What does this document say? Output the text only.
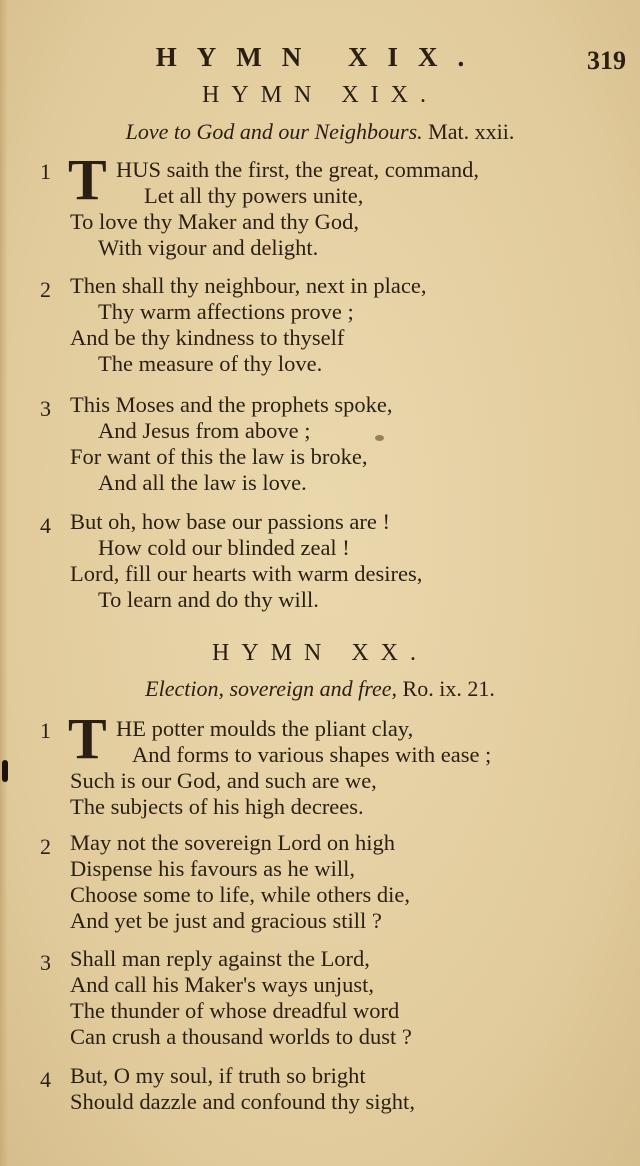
HYMN XIX.	319
HYMN XIX.
Love to God and our Neighbours. Mat. xxii.
1 T HUS saith the first, the great, command,
Let all thy powers unite,
To love thy Maker and thy God,
With vigour and delight.
2 Then shall thy neighbour, next in place,
Thy warm affections prove ;
And be thy kindness to thyself
The measure of thy love.
3 This Moses and the prophets spoke,
And Jesus from above ;
For want of this the law is broke,
And all the law is love.
4 But oh, how base our passions are !
How cold our blinded zeal !
Lord, fill our hearts with warm desires,
To learn and do thy will.
HYMN XX.
Election, sovereign and free, Ro. ix. 21.
1 T HE potter moulds the pliant clay,
And forms to various shapes with ease ;
Such is our God, and such are we,
The subjects of his high decrees.
2 May not the sovereign Lord on high
Dispense his favours as he will,
Choose some to life, while others die,
And yet be just and gracious still ?
3 Shall man reply against the Lord,
And call his Maker's ways unjust,
The thunder of whose dreadful word
Can crush a thousand worlds to dust ?
4 But, O my soul, if truth so bright
Should dazzle and confound thy sight,
